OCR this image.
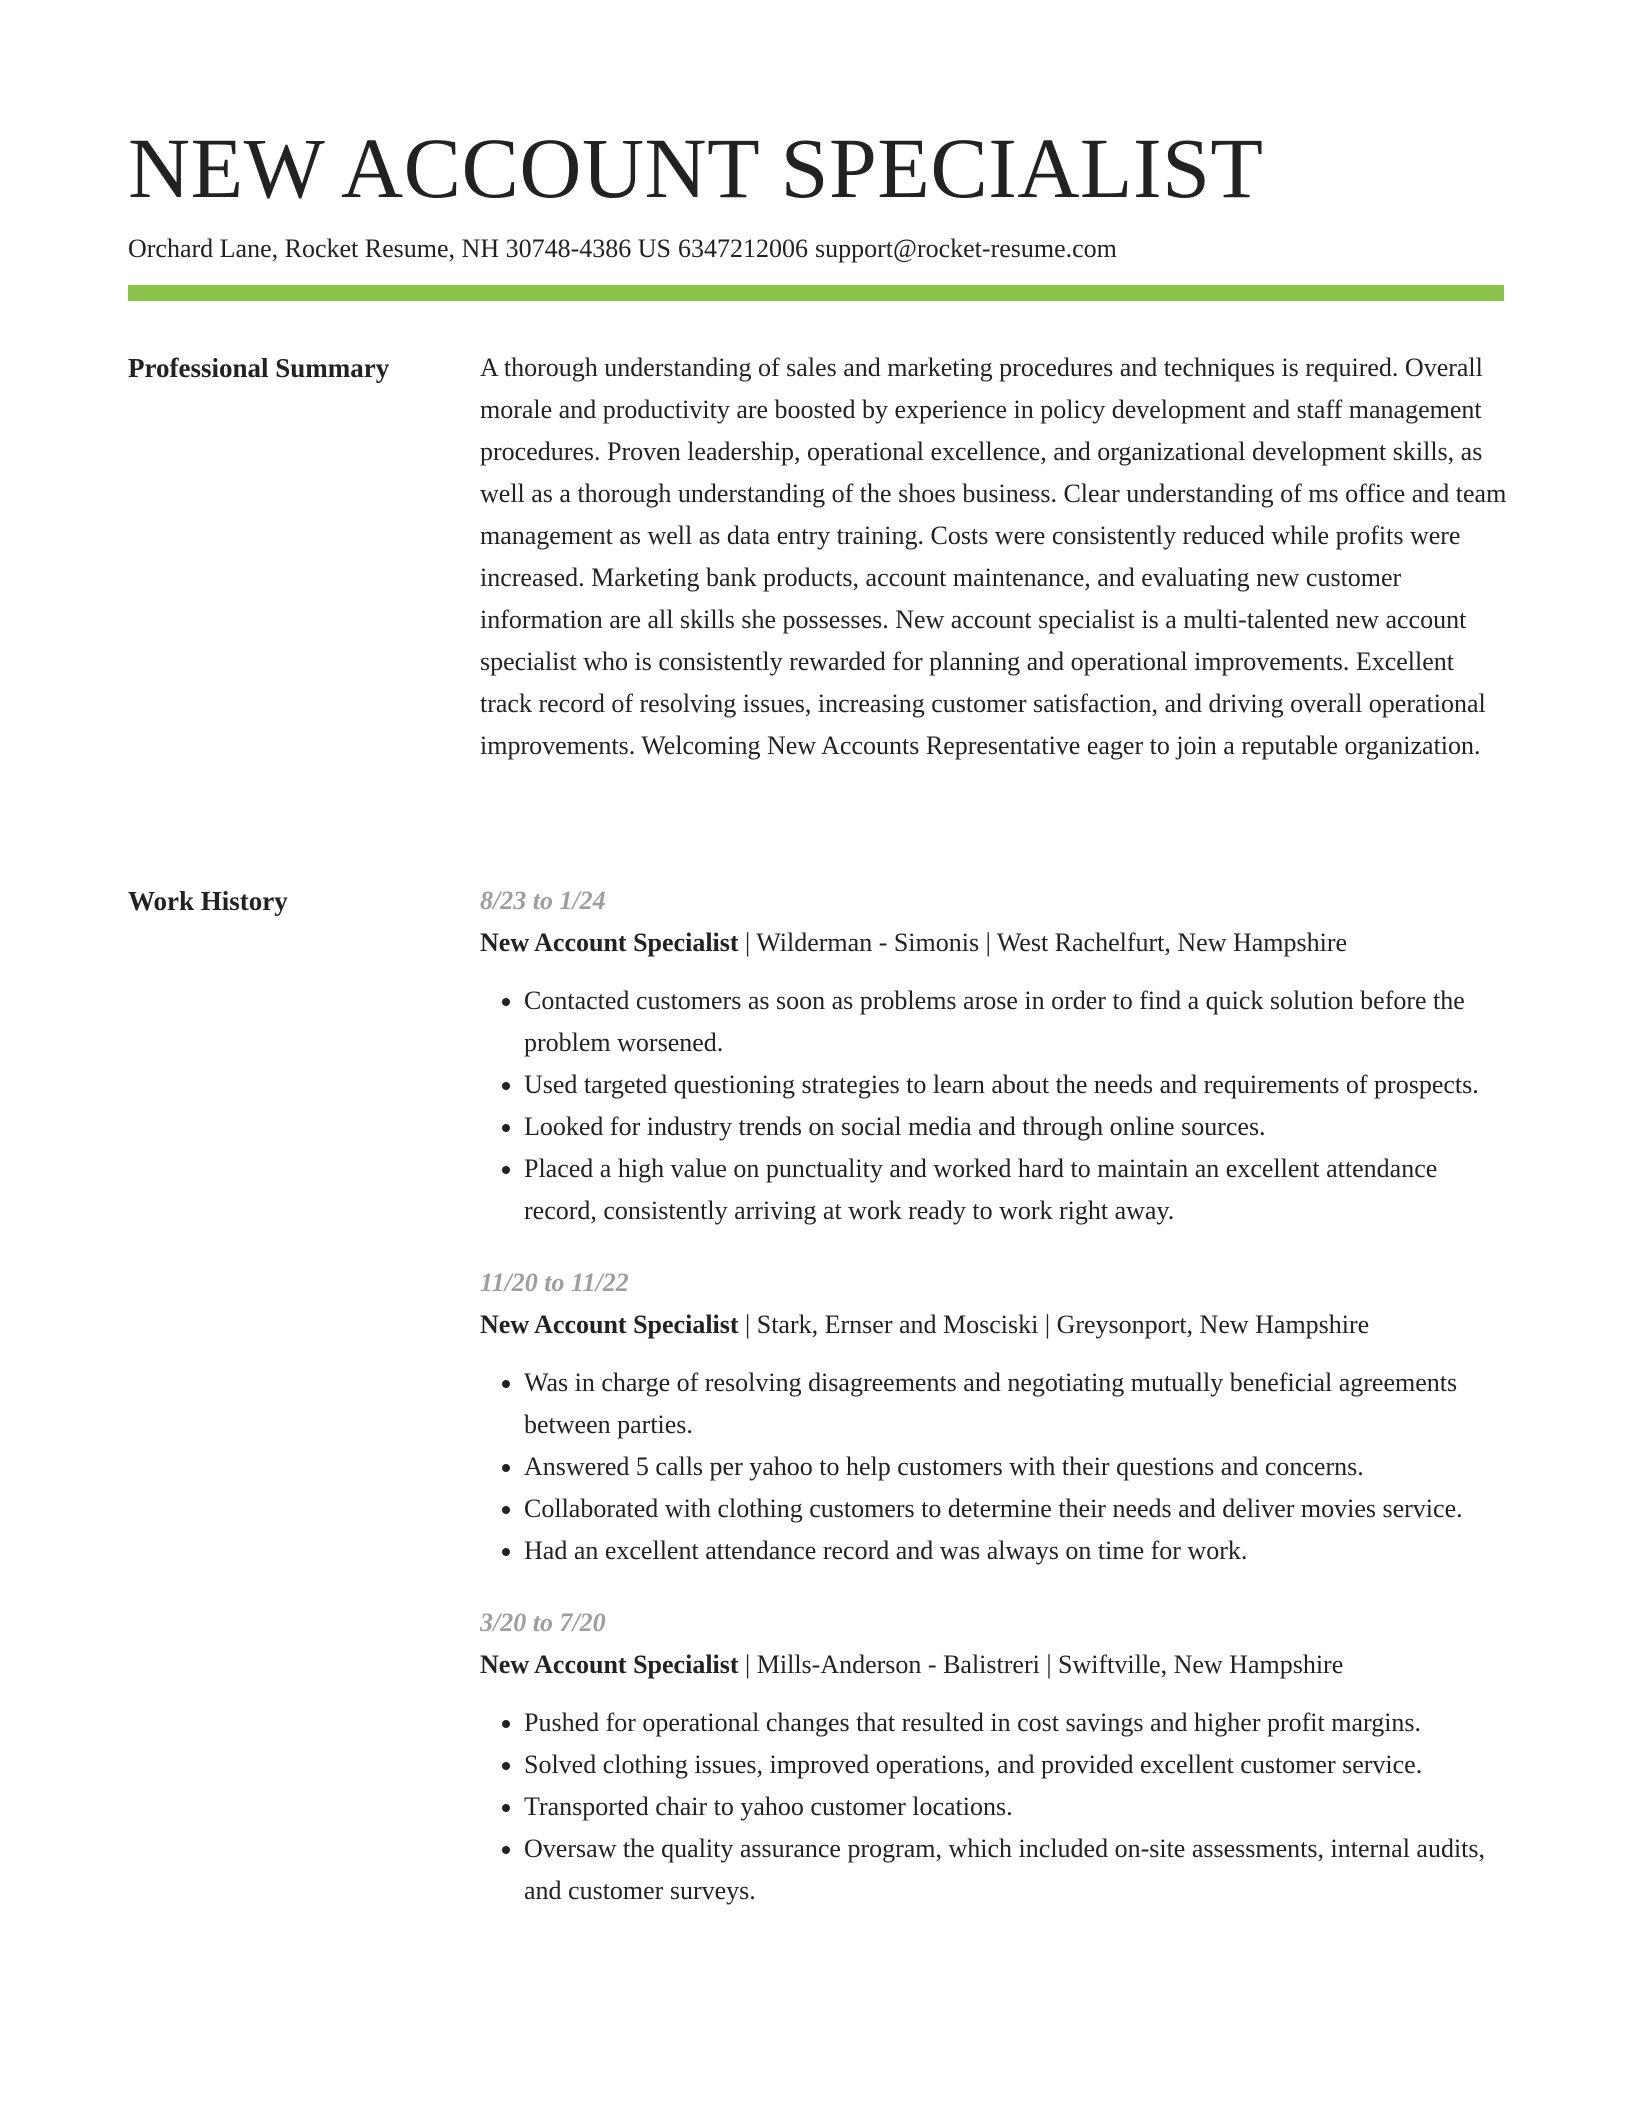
NEW ACCOUNT SPECIALIST
Orchard Lane, Rocket Resume, NH 30748-4386 US 6347212006 support@rocket-resume.com
Professional Summary	A thorough understanding of sales and marketing procedures and techniques is required. Overall morale and productivity are boosted by experience in policy development and staff management procedures. Proven leadership, operational excellence, and organizational development skills, as well as a thorough understanding of the shoes business. Clear understanding of ms office and team management as well as data entry training. Costs were consistently reduced while profits were increased. Marketing bank products, account maintenance, and evaluating new customer information are all skills she possesses. New account specialist is a multi-talented new account specialist who is consistently rewarded for planning and operational improvements. Excellent track record of resolving issues, increasing customer satisfaction, and driving overall operational improvements. Welcoming New Accounts Representative eager to join a reputable organization.

Work History	8/23 to 1/24

New Account Specialist | Wilderman - Simonis | West Rachelfurt, New Hampshire

• Contacted customers as soon as problems arose in order to find a quick solution before the problem worsened.
• Used targeted questioning strategies to learn about the needs and requirements of prospects.
• Looked for industry trends on social media and through online sources.
• Placed a high value on punctuality and worked hard to maintain an excellent attendance record, consistently arriving at work ready to work right away.

11/20 to 11/22

New Account Specialist | Stark, Ernser and Mosciski | Greysonport, New Hampshire

• Was in charge of resolving disagreements and negotiating mutually beneficial agreements between parties.
• Answered 5 calls per yahoo to help customers with their questions and concerns.
• Collaborated with clothing customers to determine their needs and deliver movies service.
• Had an excellent attendance record and was always on time for work.

3/20 to 7/20

New Account Specialist | Mills-Anderson - Balistreri | Swiftville, New Hampshire

• Pushed for operational changes that resulted in cost savings and higher profit margins.
• Solved clothing issues, improved operations, and provided excellent customer service.
• Transported chair to yahoo customer locations.
• Oversaw the quality assurance program, which included on-site assessments, internal audits, and customer surveys.
